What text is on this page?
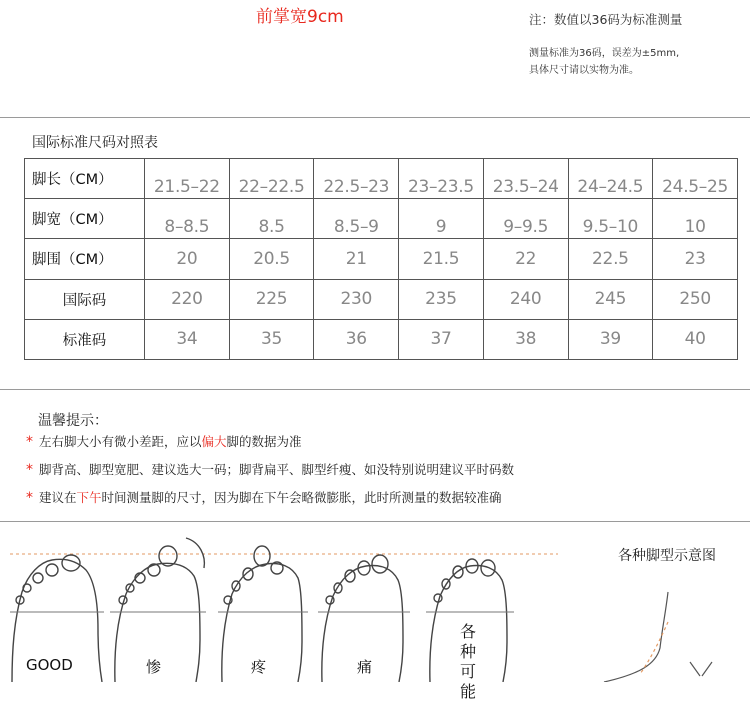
前掌宽9cm	注：数值以36码为标准测量
测量标准为36码，误差为±5mm,
具体尺寸请以实物为准。
国际标准尺码对照表
脚长（CM）	21.5–22	22–22.5	22.5–23	23–23.5	23.5–24	24–24.5	24.5–25
脚宽（CM）	8–8.5	8.5	8.5–9	9	9–9.5	9.5–10	10
脚围（CM）	20	20.5	21	21.5	22	22.5	23
国际码	220	225	230	235	240	245	250
标准码	34	35	36	37	38	39	40
温馨提示：
* 左右脚大小有微小差距，应以偏大脚的数据为准
* 脚背高、脚型宽肥、建议选大一码；脚背扁平、脚型纤瘦、如没特别说明建议平时码数
* 建议在下午时间测量脚的尺寸，因为脚在下午会略微膨胀，此时所测量的数据较准确
各种脚型示意图
GOOD	惨	疼	痛
各
种
可
能
